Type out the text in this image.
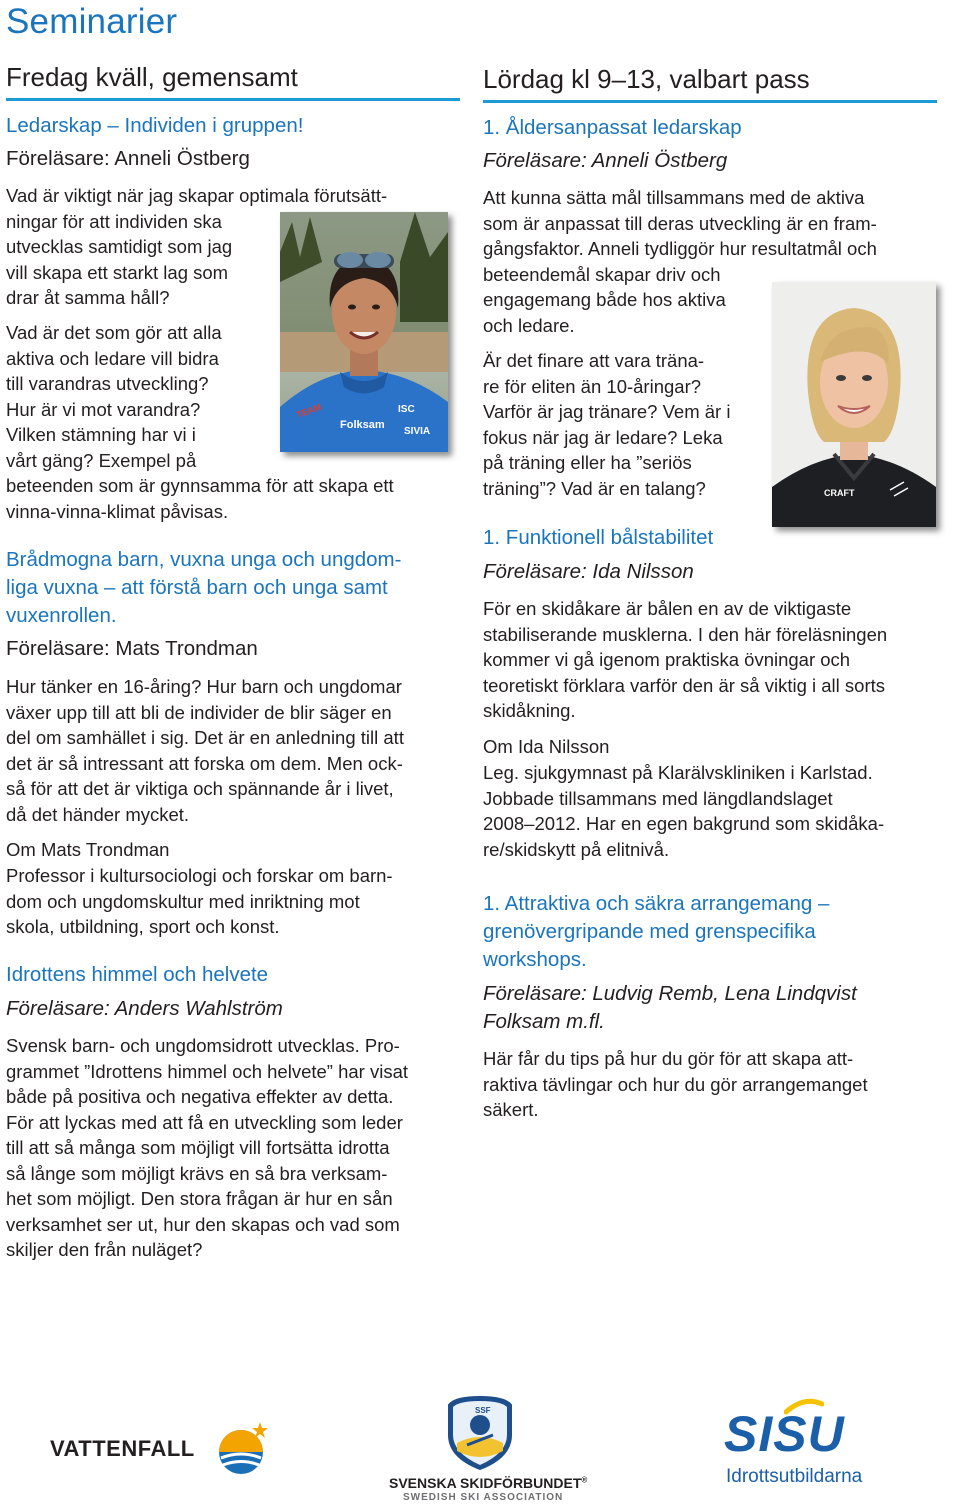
Seminarier
Fredag kväll, gemensamt
Ledarskap – Individen i gruppen!
Föreläsare: Anneli Östberg
Vad är viktigt när jag skapar optimala förutsätt-
ningar för att individen ska
utvecklas samtidigt som jag
vill skapa ett starkt lag som
drar åt samma håll?
Vad är det som gör att alla
aktiva och ledare vill bidra
till varandras utveckling?
Hur är vi mot varandra?
Vilken stämning har vi i
vårt gäng? Exempel på
beteenden som är gynnsamma för att skapa ett
vinna-vinna-klimat påvisas.
Brådmogna barn, vuxna unga och ungdom-
liga vuxna – att förstå barn och unga samt
vuxenrollen.
Föreläsare: Mats Trondman
Hur tänker en 16-åring? Hur barn och ungdomar
växer upp till att bli de individer de blir säger en
del om samhället i sig. Det är en anledning till att
det är så intressant att forska om dem. Men ock-
så för att det är viktiga och spännande år i livet,
då det händer mycket.
Om Mats Trondman
Professor i kultursociologi och forskar om barn-
dom och ungdomskultur med inriktning mot
skola, utbildning, sport och konst.
Idrottens himmel och helvete
Föreläsare: Anders Wahlström
Svensk barn- och ungdomsidrott utvecklas. Pro-
grammet ”Idrottens himmel och helvete” har visat
både på positiva och negativa effekter av detta.
För att lyckas med att få en utveckling som leder
till att så många som möjligt vill fortsätta idrotta
så långe som möjligt krävs en så bra verksam-
het som möjligt. Den stora frågan är hur en sån
verksamhet ser ut, hur den skapas och vad som
skiljer den från nuläget?
TEAM
Folksam
ISC
SIVIA
Lördag kl 9–13, valbart pass
1. Åldersanpassat ledarskap
Föreläsare: Anneli Östberg
Att kunna sätta mål tillsammans med de aktiva
som är anpassat till deras utveckling är en fram-
gångsfaktor. Anneli tydliggör hur resultatmål och
beteendemål skapar driv och
engagemang både hos aktiva
och ledare.
Är det finare att vara träna-
re för eliten än 10-åringar?
Varför är jag tränare? Vem är i
fokus när jag är ledare? Leka
på träning eller ha ”seriös
träning”? Vad är en talang?
1. Funktionell bålstabilitet
Föreläsare: Ida Nilsson
För en skidåkare är bålen en av de viktigaste
stabiliserande musklerna. I den här föreläsningen
kommer vi gå igenom praktiska övningar och
teoretiskt förklara varför den är så viktig i all sorts
skidåkning.
Om Ida Nilsson
Leg. sjukgymnast på Klarälvskliniken i Karlstad.
Jobbade tillsammans med längdlandslaget
2008–2012. Har en egen bakgrund som skidåka-
re/skidskytt på elitnivå.
1. Attraktiva och säkra arrangemang –
grenövergripande med grenspecifika
workshops.
Föreläsare: Ludvig Remb, Lena Lindqvist
Folksam m.fl.
Här får du tips på hur du gör för att skapa att-
raktiva tävlingar och hur du gör arrangemanget
säkert.
CRAFT
VATTENFALL
SSF
SVENSKA SKIDFÖRBUNDET®
SWEDISH SKI ASSOCIATION
SISU
Idrottsutbildarna
